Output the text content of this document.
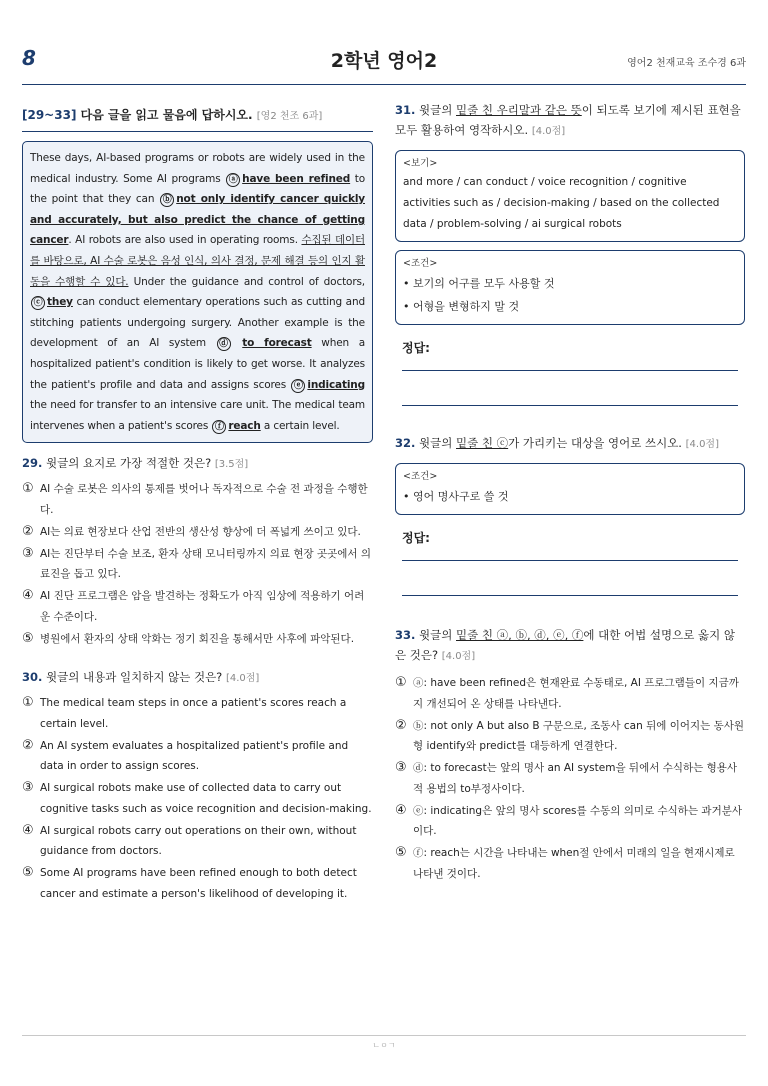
8	2학년 영어2	영어2 천재교육 조수경 6과
[29~33] 다음 글을 읽고 물음에 답하시오. [영2 천조 6과]
These days, AI-based programs or robots are widely used in the medical industry. Some AI programs ⓐ have been refined to the point that they can ⓑ not only identify cancer quickly and accurately, but also predict the chance of getting cancer. AI robots are also used in operating rooms. 수집된 데이터를 바탕으로, AI 수술 로봇은 음성 인식, 의사 결정, 문제 해결 등의 인지 활동을 수행할 수 있다. Under the guidance and control of doctors, ⓒ they can conduct elementary operations such as cutting and stitching patients undergoing surgery. Another example is the development of an AI system ⓓ to forecast when a hospitalized patient's condition is likely to get worse. It analyzes the patient's profile and data and assigns scores ⓔ indicating the need for transfer to an intensive care unit. The medical team intervenes when a patient's scores ⓕ reach a certain level.
29. 윗글의 요지로 가장 적절한 것은? [3.5점]
① AI 수술 로봇은 의사의 통제를 벗어나 독자적으로 수술 전 과정을 수행한다.
② AI는 의료 현장보다 산업 전반의 생산성 향상에 더 폭넓게 쓰이고 있다.
③ AI는 진단부터 수술 보조, 환자 상태 모니터링까지 의료 현장 곳곳에서 의료진을 돕고 있다.
④ AI 진단 프로그램은 암을 발견하는 정확도가 아직 임상에 적용하기 어려운 수준이다.
⑤ 병원에서 환자의 상태 악화는 정기 회진을 통해서만 사후에 파악된다.
30. 윗글의 내용과 일치하지 않는 것은? [4.0점]
① The medical team steps in once a patient's scores reach a certain level.
② An AI system evaluates a hospitalized patient's profile and data in order to assign scores.
③ AI surgical robots make use of collected data to carry out cognitive tasks such as voice recognition and decision-making.
④ AI surgical robots carry out operations on their own, without guidance from doctors.
⑤ Some AI programs have been refined enough to both detect cancer and estimate a person's likelihood of developing it.
31. 윗글의 밑줄 친 우리말과 같은 뜻이 되도록 보기에 제시된 표현을 모두 활용하여 영작하시오. [4.0점]
<보기>
and more / can conduct / voice recognition / cognitive activities such as / decision-making / based on the collected data / problem-solving / ai surgical robots
<조건>
• 보기의 어구를 모두 사용할 것
• 어형을 변형하지 말 것
정답:
32. 윗글의 밑줄 친 ⓒ가 가리키는 대상을 영어로 쓰시오. [4.0점]
<조건>
• 영어 명사구로 쓸 것
정답:
33. 윗글의 밑줄 친 ⓐ, ⓑ, ⓓ, ⓔ, ⓕ에 대한 어법 설명으로 옳지 않은 것은? [4.0점]
① ⓐ: have been refined은 현재완료 수동태로, AI 프로그램들이 지금까지 개선되어 온 상태를 나타낸다.
② ⓑ: not only A but also B 구문으로, 조동사 can 뒤에 이어지는 동사원형 identify와 predict를 대등하게 연결한다.
③ ⓓ: to forecast는 앞의 명사 an AI system을 뒤에서 수식하는 형용사적 용법의 to부정사이다.
④ ⓔ: indicating은 앞의 명사 scores를 수동의 의미로 수식하는 과거분사이다.
⑤ ⓕ: reach는 시간을 나타내는 when절 안에서 미래의 일을 현재시제로 나타낸 것이다.
ㄴㅇㄱ
